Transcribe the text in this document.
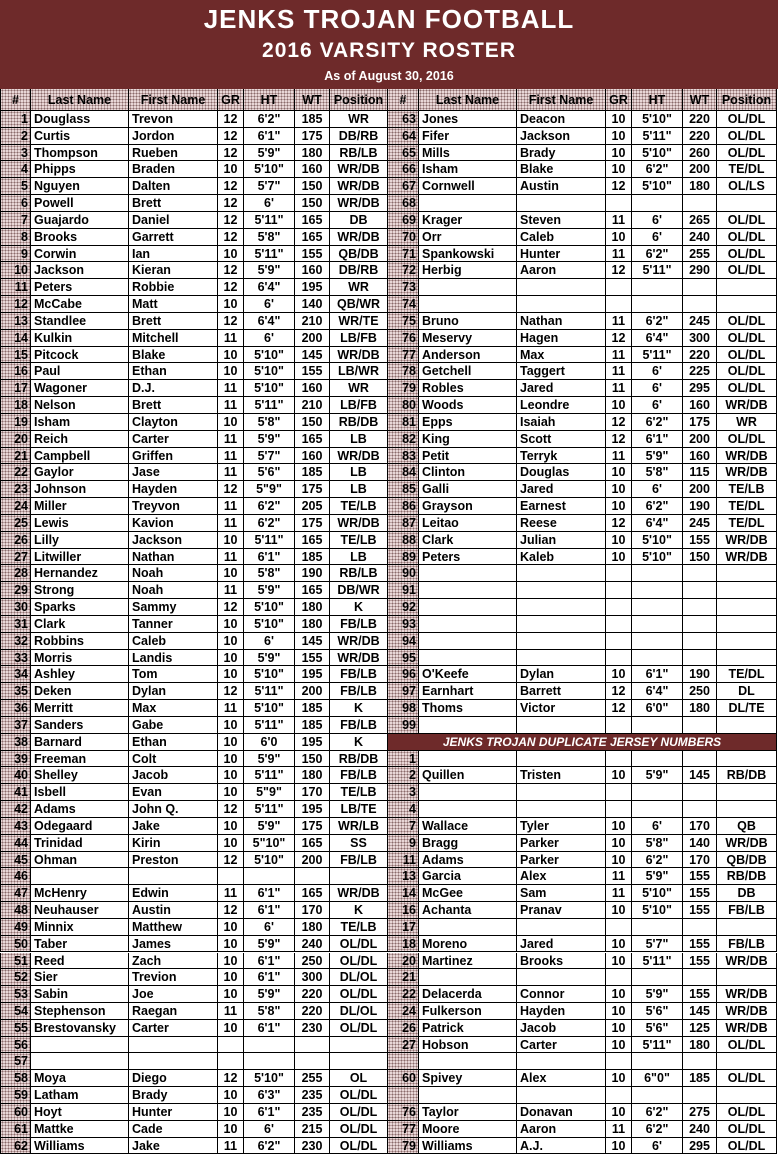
JENKS TROJAN FOOTBALL
2016 VARSITY ROSTER
As of August 30, 2016
#	Last Name	First Name	GR	HT	WT Position	#	Last Name	First Name	GR	HT	WT	Position
1 Douglass	Trevon	12	6'2"	185	WR
2 Curtis	Jordon	12	6'1"	175	DB/RB
3 Thompson	Rueben	12	5'9"	180	RB/LB
4 Phipps	Braden	10	5'10"	160	WR/DB
5 Nguyen	Dalten	12	5'7"	150	WR/DB
6 Powell	Brett	12	6'	150	WR/DB
7 Guajardo	Daniel	12	5'11"	165	DB
8 Brooks	Garrett	12	5'8"	165	WR/DB
9 Corwin	Ian	10	5'11"	155	QB/DB
10 Jackson	Kieran	12	5'9"	160	DB/RB
11 Peters	Robbie	12	6'4"	195	WR
12 McCabe	Matt	10	6'	140	QB/WR
13 Standlee	Brett	12	6'4"	210	WR/TE
14 Kulkin	Mitchell	11	6'	200	LB/FB
15 Pitcock	Blake	10	5'10"	145	WR/DB
16 Paul	Ethan	10	5'10"	155	LB/WR
17 Wagoner	D.J.	11	5'10"	160	WR
18 Nelson	Brett	11	5'11"	210	LB/FB
19 Isham	Clayton	10	5'8"	150	RB/DB
20 Reich	Carter	11	5'9"	165	LB
21 Campbell	Griffen	11	5'7"	160	WR/DB
22 Gaylor	Jase	11	5'6"	185	LB
23 Johnson	Hayden	12	5"9"	175	LB
24 Miller	Treyvon	11	6'2"	205	TE/LB
25 Lewis	Kavion	11	6'2"	175	WR/DB
26 Lilly	Jackson	10	5'11"	165	TE/LB
27 Litwiller	Nathan	11	6'1"	185	LB
28 Hernandez	Noah	10	5'8"	190	RB/LB
29 Strong	Noah	11	5'9"	165	DB/WR
30 Sparks	Sammy	12	5'10"	180	K
31 Clark	Tanner	10	5'10"	180	FB/LB
32 Robbins	Caleb	10	6'	145	WR/DB
33 Morris	Landis	10	5'9"	155	WR/DB
34 Ashley	Tom	10	5'10"	195	FB/LB
35 Deken	Dylan	12	5'11"	200	FB/LB
36 Merritt	Max	11	5'10"	185	K
37 Sanders	Gabe	10	5'11"	185	FB/LB
38 Barnard	Ethan	10	6'0	195	K
39 Freeman	Colt	10	5'9"	150	RB/DB
40 Shelley	Jacob	10	5'11"	180	FB/LB
41 Isbell	Evan	10	5"9"	170	TE/LB
42 Adams	John Q.	12	5'11"	195	LB/TE
43 Odegaard	Jake	10	5'9"	175	WR/LB
44 Trinidad	Kirin	10	5"10"	165	SS
45 Ohman	Preston	12	5'10"	200	FB/LB
46
47 McHenry	Edwin	11	6'1"	165	WR/DB
48 Neuhauser	Austin	12	6'1"	170	K
49 Minnix	Matthew	10	6'	180	TE/LB
50 Taber	James	10	5'9"	240	OL/DL
51 Reed	Zach	10	6'1"	250	OL/DL
52 Sier	Trevion	10	6'1"	300	DL/OL
53 Sabin	Joe	10	5'9"	220	OL/DL
54 Stephenson	Raegan	11	5'8"	220	DL/OL
55 Brestovansky	Carter	10	6'1"	230	OL/DL
56
57
58 Moya	Diego	12	5'10"	255	OL
59 Latham	Brady	10	6'3"	235	OL/DL
60 Hoyt	Hunter	10	6'1"	235	OL/DL
61 Mattke	Cade	10	6'	215	OL/DL
62 Williams	Jake	11	6'2"	230	OL/DL
63 Jones	Deacon	10	5'10"	220	OL/DL
64 Fifer	Jackson	10	5'11"	220	OL/DL
65 Mills	Brady	10	5'10"	260	OL/DL
66 Isham	Blake	10	6'2"	200	TE/DL
67 Cornwell	Austin	12	5'10"	180	OL/LS
68
69 Krager	Steven	11	6'	265	OL/DL
70 Orr	Caleb	10	6'	240	OL/DL
71 Spankowski	Hunter	11	6'2"	255	OL/DL
72 Herbig	Aaron	12	5'11"	290	OL/DL
73
74
75 Bruno	Nathan	11	6'2"	245	OL/DL
76 Meservy	Hagen	12	6'4"	300	OL/DL
77 Anderson	Max	11	5'11"	220	OL/DL
78 Getchell	Taggert	11	6'	225	OL/DL
79 Robles	Jared	11	6'	295	OL/DL
80 Woods	Leondre	10	6'	160	WR/DB
81 Epps	Isaiah	12	6'2"	175	WR
82 King	Scott	12	6'1"	200	OL/DL
83 Petit	Terryk	11	5'9"	160	WR/DB
84 Clinton	Douglas	10	5'8"	115	WR/DB
85 Galli	Jared	10	6'	200	TE/LB
86 Grayson	Earnest	10	6'2"	190	TE/DL
87 Leitao	Reese	12	6'4"	245	TE/DL
88 Clark	Julian	10	5'10"	155	WR/DB
89 Peters	Kaleb	10	5'10"	150	WR/DB
90
91
92
93
94
95
96 O'Keefe	Dylan	10	6'1"	190	TE/DL
97 Earnhart	Barrett	12	6'4"	250	DL
98 Thoms	Victor	12	6'0"	180	DL/TE
99
JENKS TROJAN DUPLICATE JERSEY NUMBERS
1
2 Quillen	Tristen	10	5'9"	145	RB/DB
3
4
7 Wallace	Tyler	10	6'	170	QB
9 Bragg	Parker	10	5'8"	140	WR/DB
11 Adams	Parker	10	6'2"	170	QB/DB
13 Garcia	Alex	11	5'9"	155	RB/DB
14 McGee	Sam	11	5'10"	155	DB
16 Achanta	Pranav	10	5'10"	155	FB/LB
17
18 Moreno	Jared	10	5'7"	155	FB/LB
20 Martinez	Brooks	10	5'11"	155	WR/DB
21
22 Delacerda	Connor	10	5'9"	155	WR/DB
24 Fulkerson	Hayden	10	5'6"	145	WR/DB
26 Patrick	Jacob	10	5'6"	125	WR/DB
27 Hobson	Carter	10	5'11"	180	OL/DL
60 Spivey	Alex	10	6"0"	185	OL/DL
76 Taylor	Donavan	10	6'2"	275	OL/DL
77 Moore	Aaron	11	6'2"	240	OL/DL
79 Williams	A.J.	10	6'	295	OL/DL
